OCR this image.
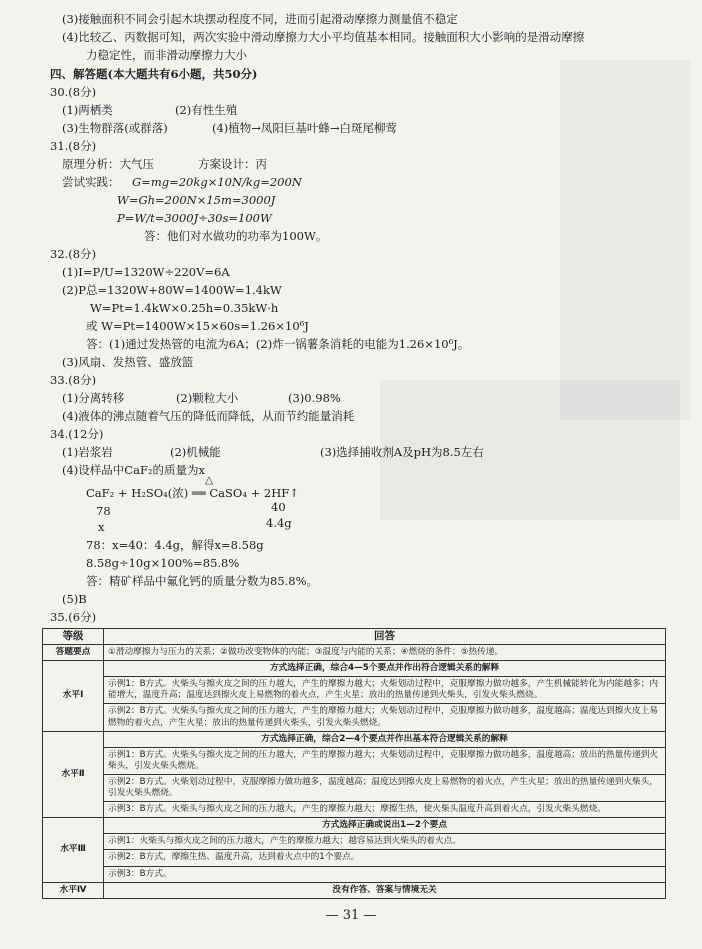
(3)接触面积不同会引起木块摆动程度不同，进而引起滑动摩擦力测量值不稳定
(4)比较乙、丙数据可知，两次实验中滑动摩擦力大小平均值基本相同。接触面积大小影响的是滑动摩擦
力稳定性，而非滑动摩擦力大小
四、解答题(本大题共有6小题，共50分)
30.(8分)
(1)两栖类	(2)有性生殖
(3)生物群落(或群落)	(4)植物→凤阳巨基叶蜂→白斑尾柳莺
31.(8分)
原理分析：大气压	方案设计：丙
尝试实践： G=mg=20kg×10N/kg=200N
W=Gh=200N×15m=3000J
P=W/t=3000J÷30s=100W
答：他们对水做功的功率为100W。
32.(8分)
(1)I=P/U=1320W÷220V=6A
(2)P总=1320W+80W=1400W=1.4kW
W=Pt=1.4kW×0.25h=0.35kW·h
或 W=Pt=1400W×15×60s=1.26×10⁶J
答：(1)通过发热管的电流为6A；(2)炸一锅薯条消耗的电能为1.26×10⁶J。
(3)风扇、发热管、盛放篮
33.(8分)
(1)分离转移	(2)颗粒大小	(3)0.98%
(4)液体的沸点随着气压的降低而降低，从而节约能量消耗
34.(12分)
(1)岩浆岩	(2)机械能	(3)选择捕收剂A及pH为8.5左右
(4)设样品中CaF₂的质量为x
△
CaF₂ + H₂SO₄(浓) ══ CaSO₄ + 2HF↑
78	40
x	4.4g
等级	回答
答题要点	①滑动摩擦力与压力的关系；②做功改变物体的内能；③温度与内能的关系；④燃烧的条件；⑤热传递。
水平Ⅰ	方式选择正确，综合4—5个要点并作出符合逻辑关系的解释
	示例1：B方式。火柴头与擦火皮之间的压力越大，产生的摩擦力越大；火柴划动过程中，克服摩擦力做功越多，产生机械能转化为内能越多；内能增大，温度升高；温度达到擦火皮上易燃物的着火点，产生火星；放出的热量传递到火柴头，引发火柴头燃烧。
	示例2：B方式。火柴头与擦火皮之间的压力越大，产生的摩擦力越大；火柴划动过程中，克服摩擦力做功越多，温度越高；温度达到擦火皮上易燃物的着火点，产生火星；放出的热量传递到火柴头，引发火柴头燃烧。
水平Ⅱ	方式选择正确，综合2—4个要点并作出基本符合逻辑关系的解释
	示例1：B方式。火柴头与擦火皮之间的压力越大，产生的摩擦力越大；火柴划动过程中，克服摩擦力做功越多，温度越高；放出的热量传递到火柴头，引发火柴头燃烧。
	示例2：B方式。火柴划动过程中，克服摩擦力做功越多，温度越高；温度达到擦火皮上易燃物的着火点，产生火星；放出的热量传递到火柴头，引发火柴头燃烧。
	示例3：B方式。火柴头与擦火皮之间的压力越大，产生的摩擦力越大；摩擦生热，使火柴头温度升高到着火点，引发火柴头燃烧。
水平Ⅲ	方式选择正确或说出1—2个要点
	示例1：火柴头与擦火皮之间的压力越大，产生的摩擦力越大；越容易达到火柴头的着火点。
	示例2：B方式，摩擦生热、温度升高，达到着火点中的1个要点。
	示例3：B方式。
水平Ⅳ	没有作答、答案与情境无关
— 31 —
78：x=40：4.4g，解得x=8.58g
8.58g÷10g×100%=85.8%
答：精矿样品中氟化钙的质量分数为85.8%。
(5)B
35.(6分)
